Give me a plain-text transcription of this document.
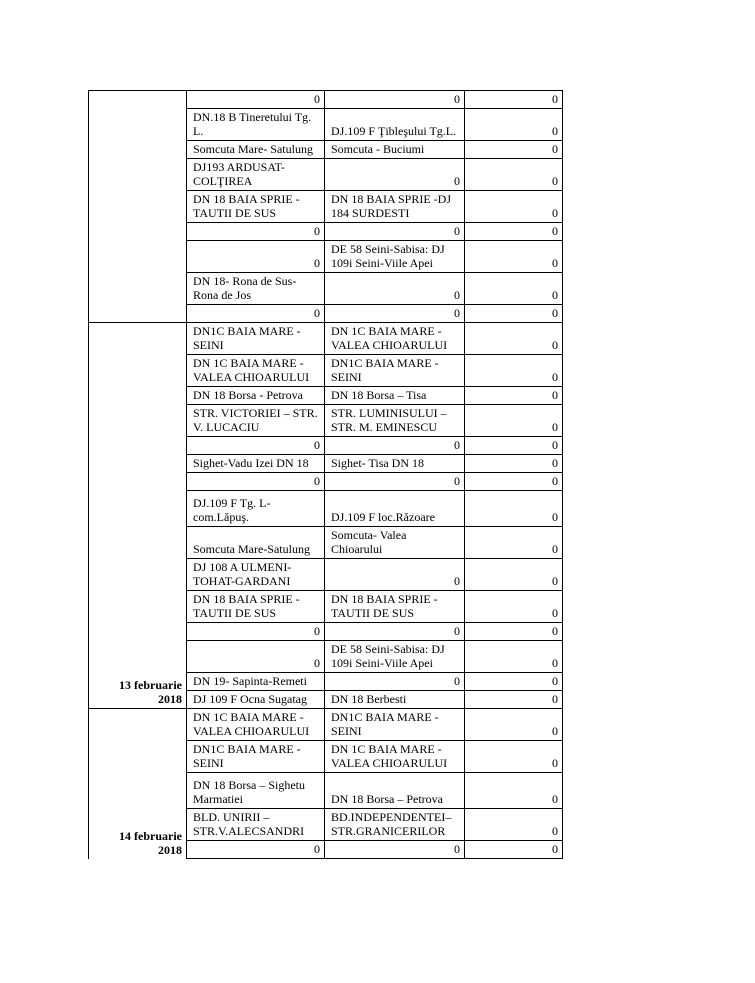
	0	0	0
	DN.18 B Tineretului Tg. L.	DJ.109 F Ţibleşului Tg.L.	0
	Somcuta Mare- Satulung	Somcuta - Buciumi	0
	DJ193 ARDUSAT-COLŢIREA	0	0
	DN 18 BAIA SPRIE - TAUTII DE SUS	DN 18 BAIA SPRIE -DJ 184 SURDESTI	0
	0	0	0
	0	DE 58 Seini-Sabisa: DJ 109i Seini-Viile Apei	0
	DN 18- Rona de Sus-Rona de Jos	0	0
	0	0	0

13 februarie
2018	DN1C BAIA MARE - SEINI	DN 1C BAIA MARE - VALEA CHIOARULUI	0
	DN 1C BAIA MARE - VALEA CHIOARULUI	DN1C BAIA MARE - SEINI	0
	DN 18 Borsa - Petrova	DN 18 Borsa – Tisa	0
	STR. VICTORIEI – STR. V. LUCACIU	STR. LUMINISULUI – STR. M. EMINESCU	0
	0	0	0
	Sighet-Vadu Izei DN 18	Sighet- Tisa DN 18	0
	0	0	0
	DJ.109 F Tg. L-com.Lăpuş.	DJ.109 F loc.Răzoare	0
	Somcuta Mare-Satulung	Somcuta- Valea Chioarului	0
	DJ 108 A ULMENI-TOHAT-GARDANI	0	0
	DN 18 BAIA SPRIE - TAUTII DE SUS	DN 18 BAIA SPRIE - TAUTII DE SUS	0
	0	0	0
	0	DE 58 Seini-Sabisa: DJ 109i Seini-Viile Apei	0
	DN 19- Sapinta-Remeti	0	0
	DJ 109 F Ocna Sugatag	DN 18 Berbesti	0

14 februarie
2018	DN 1C BAIA MARE - VALEA CHIOARULUI	DN1C BAIA MARE - SEINI	0
	DN1C BAIA MARE - SEINI	DN 1C BAIA MARE - VALEA CHIOARULUI	0
	DN 18 Borsa – Sighetu Marmatiei	DN 18 Borsa – Petrova	0
	BLD. UNIRII – STR.V.ALECSANDRI	BD.INDEPENDENTEI– STR.GRANICERILOR	0
	0	0	0
